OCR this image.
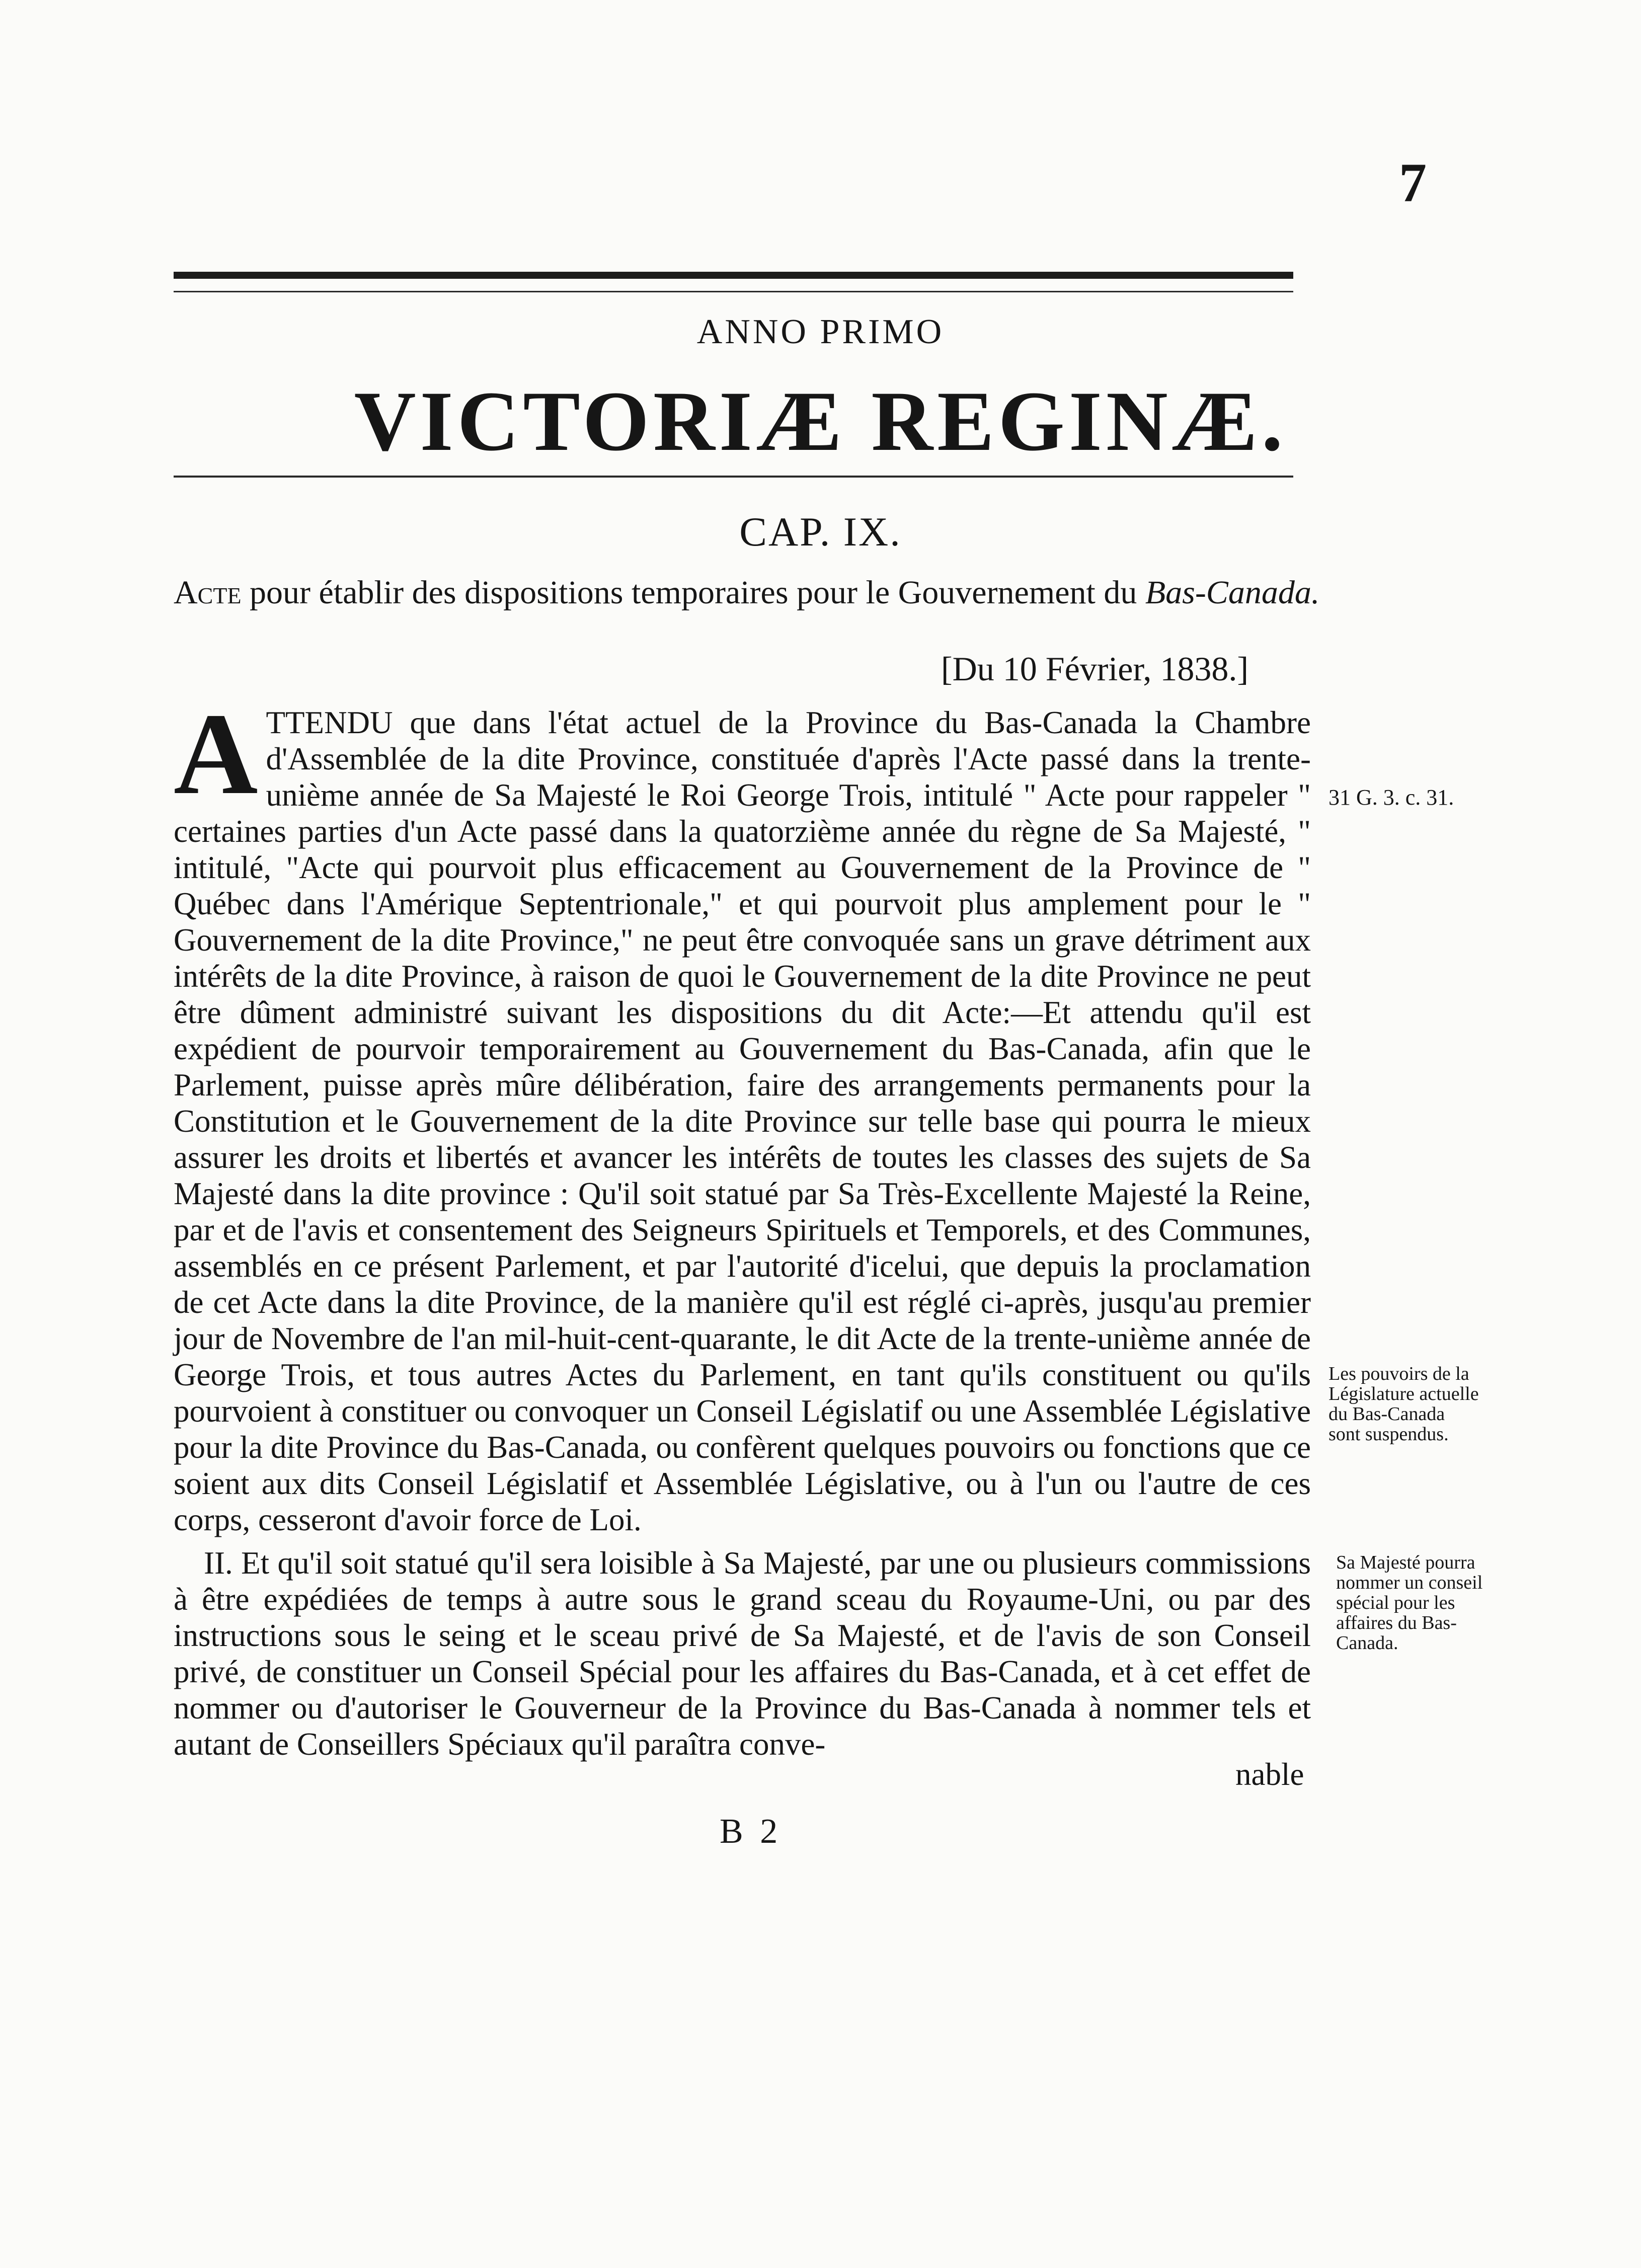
7
ANNO PRIMO
VICTORIÆ REGINÆ.
CAP. IX.
Acte pour établir des dispositions temporaires pour le Gouvernement du Bas-Canada.
[Du 10 Février, 1838.]
ATTENDU que dans l'état actuel de la Province du Bas-Canada la Chambre d'Assemblée de la dite Province, constituée d'après l'Acte passé dans la trente-unième année de Sa Majesté le Roi George Trois, intitulé " Acte pour rappeler " certaines parties d'un Acte passé dans la quatorzième année du règne de Sa Majesté, " intitulé, "Acte qui pourvoit plus efficacement au Gouvernement de la Province de " Québec dans l'Amérique Septentrionale," et qui pourvoit plus amplement pour le " Gouvernement de la dite Province," ne peut être convoquée sans un grave détriment aux intérêts de la dite Province, à raison de quoi le Gouvernement de la dite Province ne peut être dûment administré suivant les dispositions du dit Acte:—Et attendu qu'il est expédient de pourvoir temporairement au Gouvernement du Bas-Canada, afin que le Parlement, puisse après mûre délibération, faire des arrangements permanents pour la Constitution et le Gouvernement de la dite Province sur telle base qui pourra le mieux assurer les droits et libertés et avancer les intérêts de toutes les classes des sujets de Sa Majesté dans la dite province : Qu'il soit statué par Sa Très-Excellente Majesté la Reine, par et de l'avis et consentement des Seigneurs Spirituels et Temporels, et des Communes, assemblés en ce présent Parlement, et par l'autorité d'icelui, que depuis la proclamation de cet Acte dans la dite Province, de la manière qu'il est réglé ci-après, jusqu'au premier jour de Novembre de l'an mil-huit-cent-quarante, le dit Acte de la trente-unième année de George Trois, et tous autres Actes du Parlement, en tant qu'ils constituent ou qu'ils pourvoient à constituer ou convoquer un Conseil Législatif ou une Assemblée Législative pour la dite Province du Bas-Canada, ou confèrent quelques pouvoirs ou fonctions que ce soient aux dits Conseil Législatif et Assemblée Législative, ou à l'un ou l'autre de ces corps, cesseront d'avoir force de Loi.
II. Et qu'il soit statué qu'il sera loisible à Sa Majesté, par une ou plusieurs commissions à être expédiées de temps à autre sous le grand sceau du Royaume-Uni, ou par des instructions sous le seing et le sceau privé de Sa Majesté, et de l'avis de son Conseil privé, de constituer un Conseil Spécial pour les affaires du Bas-Canada, et à cet effet de nommer ou d'autoriser le Gouverneur de la Province du Bas-Canada à nommer tels et autant de Conseillers Spéciaux qu'il paraîtra conve-
nable
B 2
31 G. 3. c. 31.
Les pouvoirs de la Législature actuelle du Bas-Canada sont suspendus.
Sa Majesté pourra nommer un conseil spécial pour les affaires du Bas-Canada.
